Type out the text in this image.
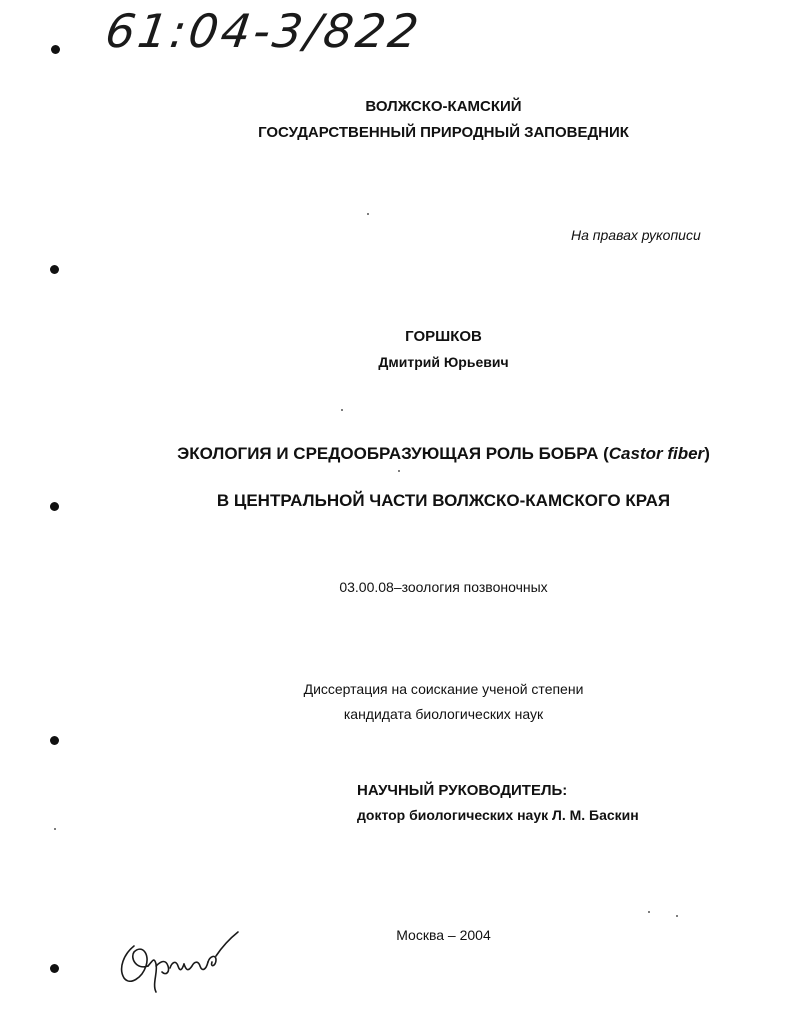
61:04-3/822
ВОЛЖСКО-КАМСКИЙ
ГОСУДАРСТВЕННЫЙ ПРИРОДНЫЙ ЗАПОВЕДНИК
На правах рукописи
ГОРШКОВ
Дмитрий Юрьевич
ЭКОЛОГИЯ И СРЕДООБРАЗУЮЩАЯ РОЛЬ БОБРА (Castor fiber)
В ЦЕНТРАЛЬНОЙ ЧАСТИ ВОЛЖСКО-КАМСКОГО КРАЯ
03.00.08–зоология позвоночных
Диссертация на соискание ученой степени
кандидата биологических наук
НАУЧНЫЙ РУКОВОДИТЕЛЬ:
доктор биологических наук Л. М. Баскин
Москва – 2004
